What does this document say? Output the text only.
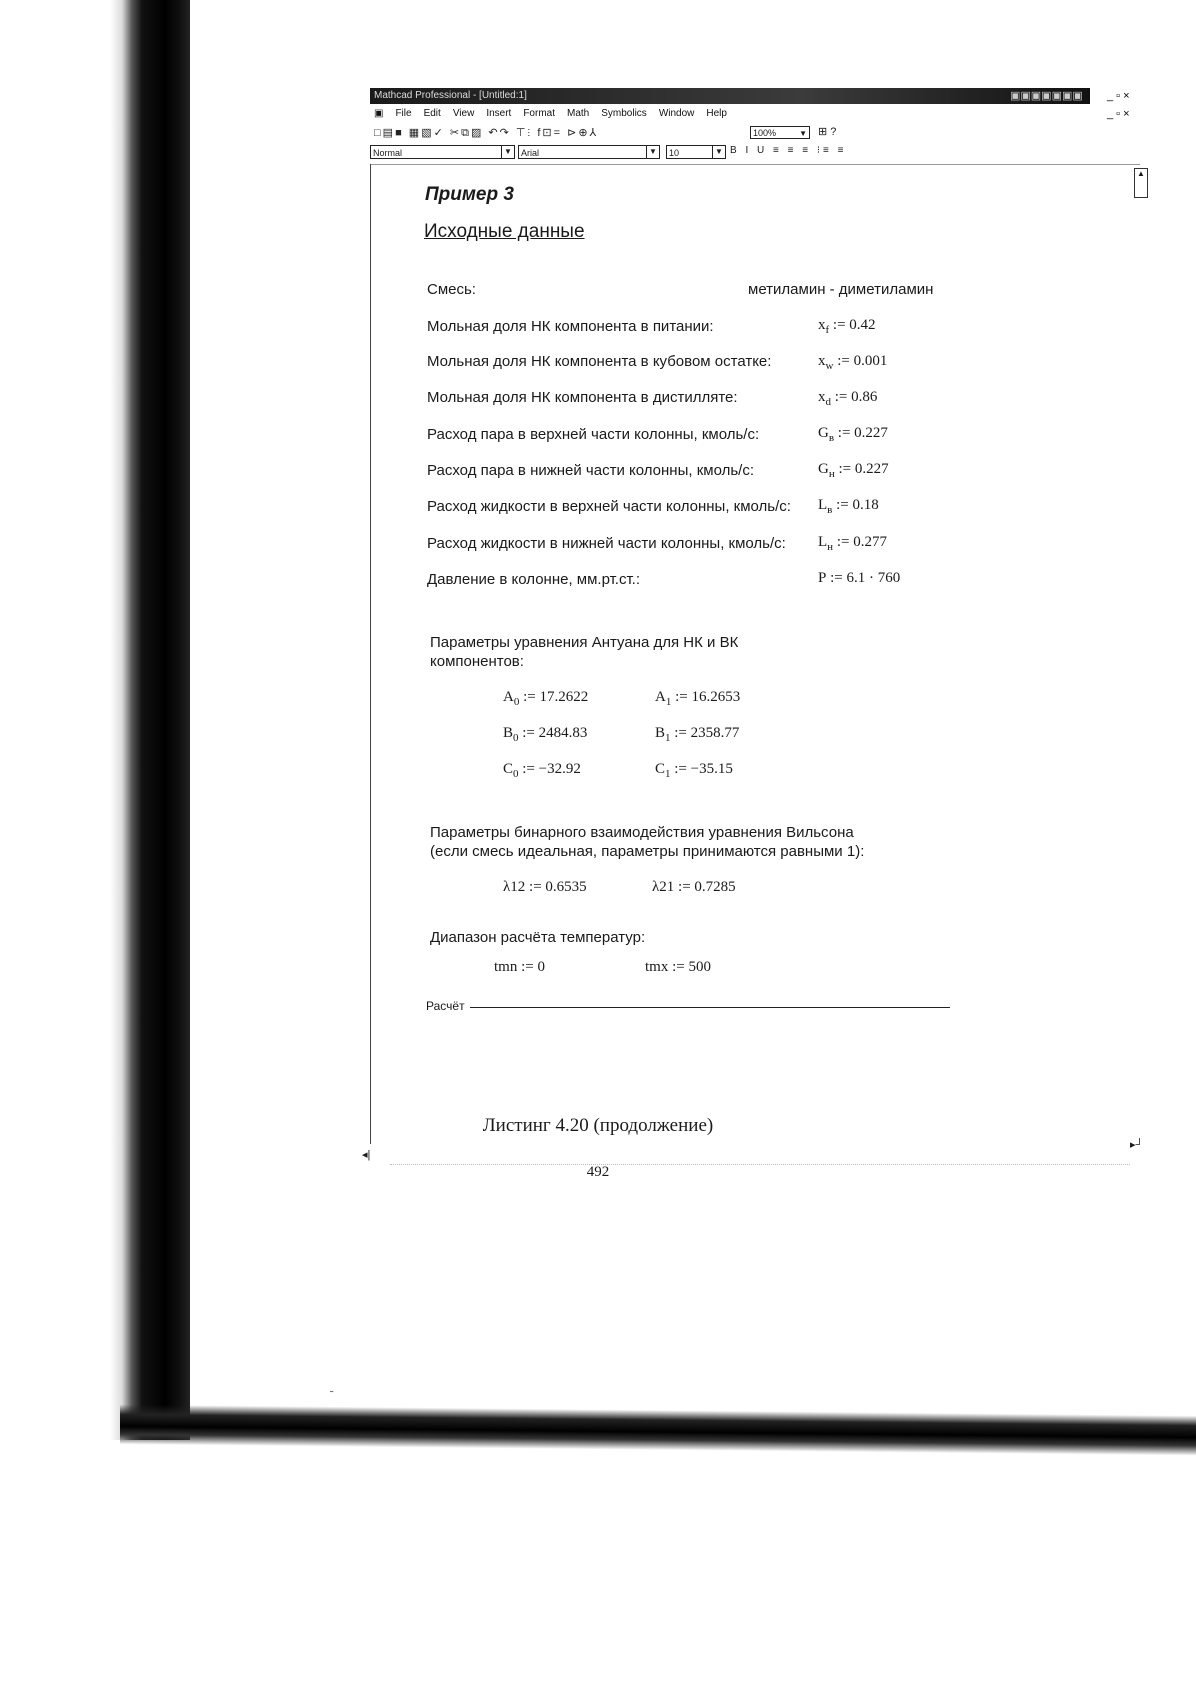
˜
Mathcad Professional - [Untitled:1]	▣▣▣▣▣▣▣ _ ▫ ×
_ ▫ ×
▣ File Edit View Insert Format Math Symbolics Window Help
□▤■ ▦▧✓ ✂⧉▨ ↶↷ ⊤⫶ f⊡= ⊳⊕⅄	100%	▼ ⊞ ?
Normal	▼	Arial	▼	10	▼ B I U ≡ ≡ ≡ ⁝≡ ≡
▲
◂|
▸┘
Пример 3
Исходные данные
Смесь:	метиламин - диметиламин
Мольная доля НК компонента в питании:	$x_f$ := 0.42
Мольная доля НК компонента в кубовом остатке:	$x_w$ := 0.001
Мольная доля НК компонента в дистилляте:	$x_d$ := 0.86
Расход пара в верхней части колонны, кмоль/с:	$G_в$ := 0.227
Расход пара в нижней части колонны, кмоль/с:	$G_н$ := 0.227
Расход жидкости в верхней части колонны, кмоль/с: $L_в$ := 0.18
Расход жидкости в нижней части колонны, кмоль/с: $L_н$ := 0.277
Давление в колонне, мм.рт.ст.:	P := 6.1 · 760
Параметры уравнения Антуана для НК и ВК
компонентов:
$A_0$ := 17.2622	$A_1$ := 16.2653
$B_0$ := 2484.83	$B_1$ := 2358.77
$C_0$ := −32.92	$C_1$ := −35.15
Параметры бинарного взаимодействия уравнения Вильсона
(если смесь идеальная, параметры принимаются равными 1):
λ12 := 0.6535	λ21 := 0.7285
Диапазон расчёта температур:
tmn := 0	tmx := 500
Расчёт
Листинг 4.20 (продолжение)
492
